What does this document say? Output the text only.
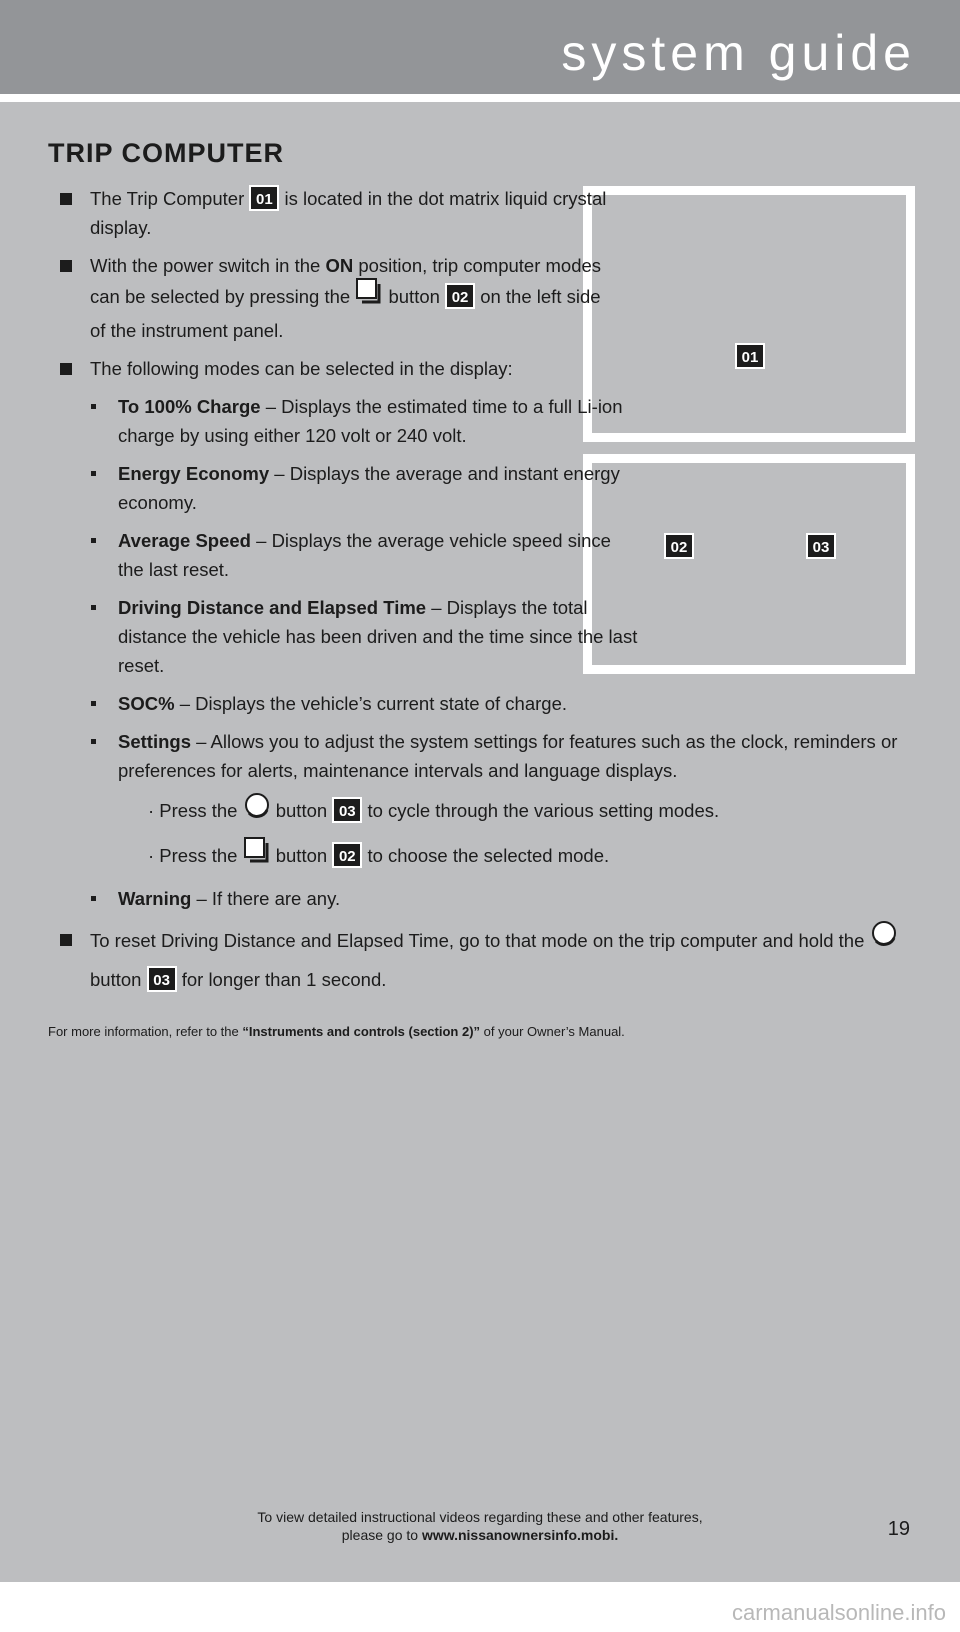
system guide
TRIP COMPUTER
01
02	03
The Trip Computer 01 is located in the dot matrix liquid crystal display.
With the power switch in the ON position, trip computer modes can be selected by pressing the button 02 on the left side of the instrument panel.
The following modes can be selected in the display:
To 100% Charge – Displays the estimated time to a full Li-ion charge by using either 120 volt or 240 volt.
Energy Economy – Displays the average and instant energy economy.
Average Speed – Displays the average vehicle speed since the last reset.
Driving Distance and Elapsed Time – Displays the total distance the vehicle has been driven and the time since the last reset.
SOC% – Displays the vehicle’s current state of charge.
Settings – Allows you to adjust the system settings for features such as the clock, reminders or preferences for alerts, maintenance intervals and language displays.
· Press the button 03 to cycle through the various setting modes.
· Press the button 02 to choose the selected mode.
Warning – If there are any.
To reset Driving Distance and Elapsed Time, go to that mode on the trip computer and hold the  button 03 for longer than 1 second.
For more information, refer to the “Instruments and controls (section 2)” of your Owner’s Manual.
To view detailed instructional videos regarding these and other features,
please go to www.nissanownersinfo.mobi.	19
carmanualsonline.info
